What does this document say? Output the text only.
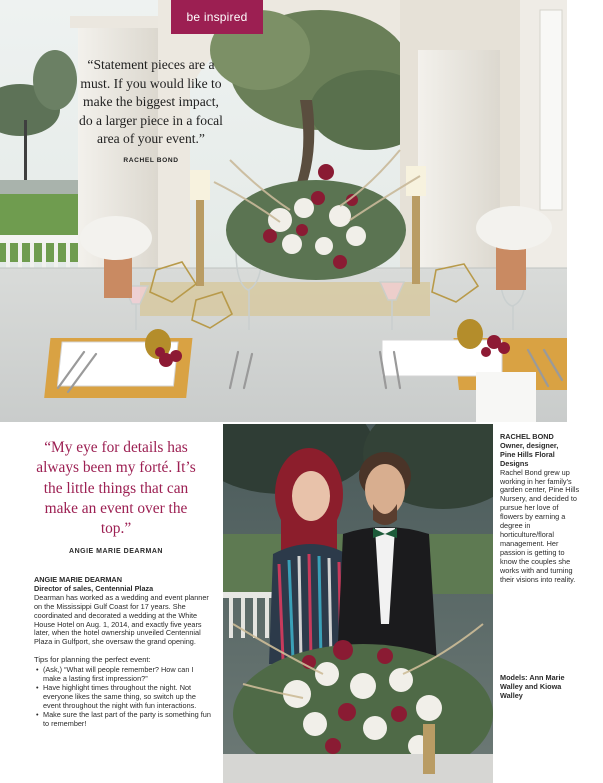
be inspired

“Statement pieces are a must. If you would like to make the biggest impact, do a larger piece in a focal area of your event.”

RACHEL BOND

“My eye for details has always been my forté. It’s the little things that can make an event over the top.”

ANGIE MARIE DEARMAN

ANGIE MARIE DEARMAN
Director of sales, Centennial Plaza
Dearman has worked as a wedding and event planner on the Mississippi Gulf Coast for 17 years. She coordinated and decorated a wedding at the White House Hotel on Aug. 1, 2014, and exactly five years later, when the hotel ownership unveiled Centennial Plaza in Gulfport, she oversaw the grand opening.
Tips for planning the perfect event:
• (Ask,) “What will people remember? How can I make a lasting first impression?”
• Have highlight times throughout the night. Not everyone likes the same thing, so switch up the event throughout the night with fun interactions.
• Make sure the last part of the party is something fun to remember!
RACHEL BOND
Owner, designer,
Pine Hills Floral Designs
Rachel Bond grew up working in her family’s garden center, Pine Hills Nursery, and decided to pursue her love of flowers by earning a degree in horticulture/floral management. Her passion is getting to know the couples she works with and turning their visions into reality.
Models: Ann Marie Walley and Kiowa Walley
